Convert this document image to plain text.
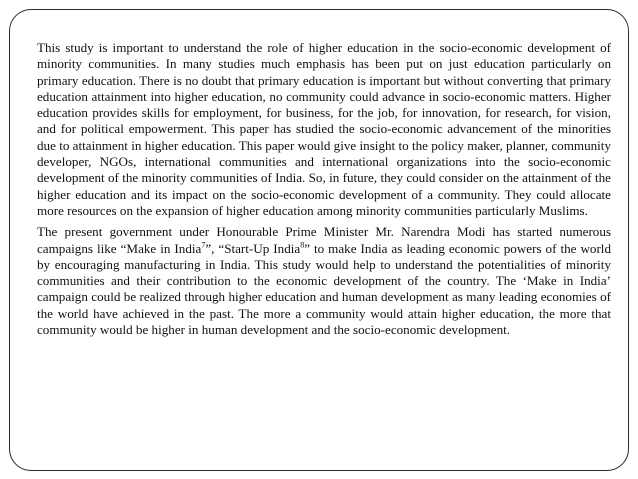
This study is important to understand the role of higher education in the socio-economic development of minority communities. In many studies much emphasis has been put on just education particularly on primary education. There is no doubt that primary education is important but without converting that primary education attainment into higher education, no community could advance in socio-economic matters. Higher education provides skills for employment, for business, for the job, for innovation, for research, for vision, and for political empowerment. This paper has studied the socio-economic advancement of the minorities due to attainment in higher education. This paper would give insight to the policy maker, planner, community developer, NGOs, international communities and international organizations into the socio-economic development of the minority communities of India. So, in future, they could consider on the attainment of the higher education and its impact on the socio-economic development of a community. They could allocate more resources on the expansion of higher education among minority communities particularly Muslims.

The present government under Honourable Prime Minister Mr. Narendra Modi has started numerous campaigns like “Make in India$^7$”, “Start-Up India$^8$” to make India as leading economic powers of the world by encouraging manufacturing in India. This study would help to understand the potentialities of minority communities and their contribution to the economic development of the country. The ‘Make in India’ campaign could be realized through higher education and human development as many leading economies of the world have achieved in the past. The more a community would attain higher education, the more that community would be higher in human development and the socio-economic development.
